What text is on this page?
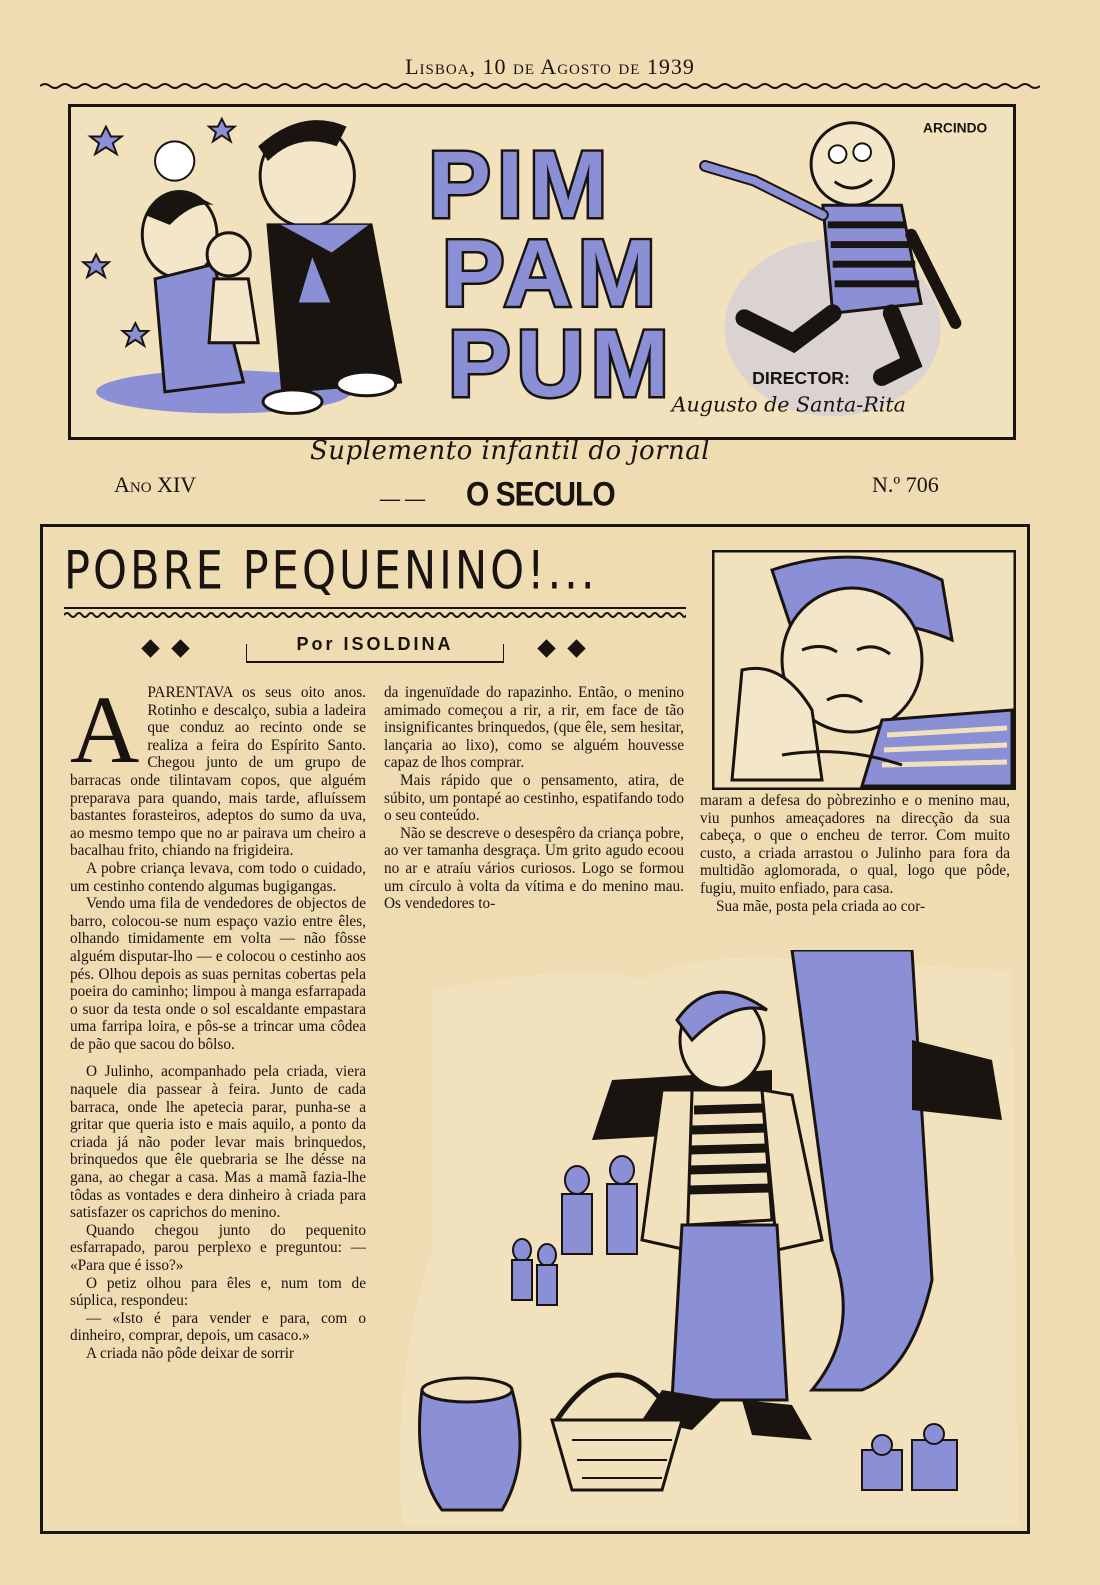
Lisboa, 10 de Agosto de 1939
PIM
PAM
PUM
ARCINDO
DIRECTOR:
Augusto de Santa-Rita
Suplemento infantil do jornal
Ano XIV
— — O SECULO	N.º 706
POBRE PEQUENINO!...
Por ISOLDINA
A PARENTAVA os seus oito anos. Rotinho e descalço, subia a ladeira que conduz ao recinto onde se realiza a feira do Espírito Santo. Chegou junto de um grupo de barracas onde tilintavam copos, que alguém preparava para quando, mais tarde, afluíssem bastantes forasteiros, adeptos do sumo da uva, ao mesmo tempo que no ar pairava um cheiro a bacalhau frito, chiando na frigideira.

A pobre criança levava, com todo o cuidado, um cestinho contendo algumas bugigangas.

Vendo uma fila de vendedores de objectos de barro, colocou-se num espaço vazio entre êles, olhando timidamente em volta — não fôsse alguém disputar-lho — e colocou o cestinho aos pés. Olhou depois as suas pernitas cobertas pela poeira do caminho; limpou à manga esfarrapada o suor da testa onde o sol escaldante empastara uma farripa loira, e pôs-se a trincar uma côdea de pão que sacou do bôlso.

O Julinho, acompanhado pela criada, viera naquele dia passear à feira. Junto de cada barraca, onde lhe apetecia parar, punha-se a gritar que queria isto e mais aquilo, a ponto da criada já não poder levar mais brinquedos, brinquedos que êle quebraria se lhe désse na gana, ao chegar a casa. Mas a mamã fazia-lhe tôdas as vontades e dera dinheiro à criada para satisfazer os caprichos do menino.

Quando chegou junto do pequenito esfarrapado, parou perplexo e preguntou: — «Para que é isso?»

O petiz olhou para êles e, num tom de súplica, respondeu:

— «Isto é para vender e para, com o dinheiro, comprar, depois, um casaco.»

A criada não pôde deixar de sorrir

da ingenuïdade do rapazinho. Então, o menino amimado começou a rir, a rir, em face de tão insignificantes brinquedos, (que êle, sem hesitar, lançaria ao lixo), como se alguém houvesse capaz de lhos comprar.

Mais rápido que o pensamento, atira, de súbito, um pontapé ao cestinho, espatifando todo o seu conteúdo.

Não se descreve o desespêro da criança pobre, ao ver tamanha desgraça. Um grito agudo ecoou no ar e atraíu vários curiosos. Logo se formou um círculo à volta da vítima e do menino mau. Os vendedores to-

maram a defesa do pòbrezinho e o menino mau, viu punhos ameaçadores na direcção da sua cabeça, o que o encheu de terror. Com muito custo, a criada arrastou o Julinho para fora da multidão aglomorada, o qual, logo que pôde, fugiu, muito enfiado, para casa.

Sua mãe, posta pela criada ao cor-
